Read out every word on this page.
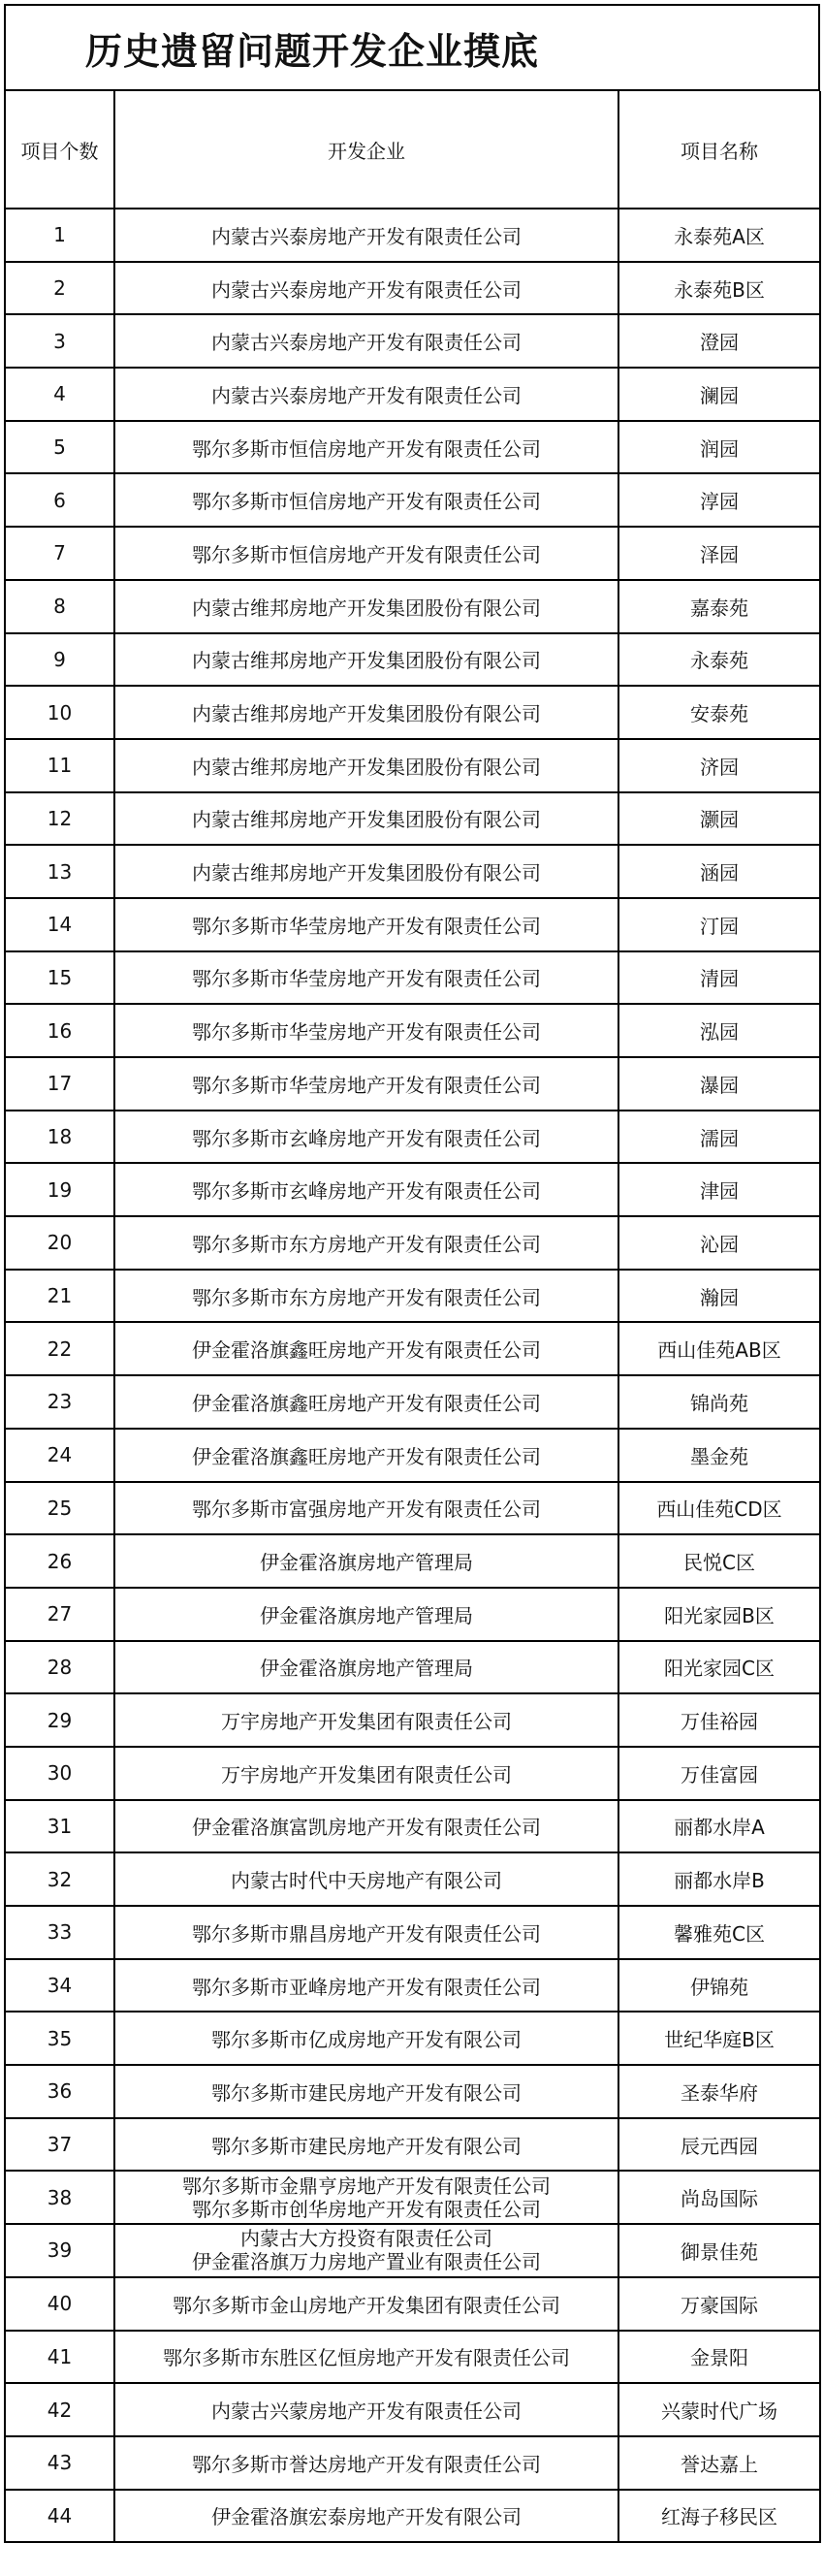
历史遗留问题开发企业摸底
项目个数	开发企业	项目名称
1	内蒙古兴泰房地产开发有限责任公司	永泰苑A区
2	内蒙古兴泰房地产开发有限责任公司	永泰苑B区
3	内蒙古兴泰房地产开发有限责任公司	澄园
4	内蒙古兴泰房地产开发有限责任公司	澜园
5	鄂尔多斯市恒信房地产开发有限责任公司	润园
6	鄂尔多斯市恒信房地产开发有限责任公司	淳园
7	鄂尔多斯市恒信房地产开发有限责任公司	泽园
8	内蒙古维邦房地产开发集团股份有限公司	嘉泰苑
9	内蒙古维邦房地产开发集团股份有限公司	永泰苑
10	内蒙古维邦房地产开发集团股份有限公司	安泰苑
11	内蒙古维邦房地产开发集团股份有限公司	济园
12	内蒙古维邦房地产开发集团股份有限公司	灏园
13	内蒙古维邦房地产开发集团股份有限公司	涵园
14	鄂尔多斯市华莹房地产开发有限责任公司	汀园
15	鄂尔多斯市华莹房地产开发有限责任公司	清园
16	鄂尔多斯市华莹房地产开发有限责任公司	泓园
17	鄂尔多斯市华莹房地产开发有限责任公司	瀑园
18	鄂尔多斯市玄峰房地产开发有限责任公司	濡园
19	鄂尔多斯市玄峰房地产开发有限责任公司	津园
20	鄂尔多斯市东方房地产开发有限责任公司	沁园
21	鄂尔多斯市东方房地产开发有限责任公司	瀚园
22	伊金霍洛旗鑫旺房地产开发有限责任公司	西山佳苑AB区
23	伊金霍洛旗鑫旺房地产开发有限责任公司	锦尚苑
24	伊金霍洛旗鑫旺房地产开发有限责任公司	墨金苑
25	鄂尔多斯市富强房地产开发有限责任公司	西山佳苑CD区
26	伊金霍洛旗房地产管理局	民悦C区
27	伊金霍洛旗房地产管理局	阳光家园B区
28	伊金霍洛旗房地产管理局	阳光家园C区
29	万宇房地产开发集团有限责任公司	万佳裕园
30	万宇房地产开发集团有限责任公司	万佳富园
31	伊金霍洛旗富凯房地产开发有限责任公司	丽都水岸A
32	内蒙古时代中天房地产有限公司	丽都水岸B
33	鄂尔多斯市鼎昌房地产开发有限责任公司	馨雅苑C区
34	鄂尔多斯市亚峰房地产开发有限责任公司	伊锦苑
35	鄂尔多斯市亿成房地产开发有限公司	世纪华庭B区
36	鄂尔多斯市建民房地产开发有限公司	圣泰华府
37	鄂尔多斯市建民房地产开发有限公司	辰元西园
38	鄂尔多斯市金鼎亨房地产开发有限责任公司
鄂尔多斯市创华房地产开发有限责任公司	尚岛国际
39	内蒙古大方投资有限责任公司
伊金霍洛旗万力房地产置业有限责任公司	御景佳苑
40	鄂尔多斯市金山房地产开发集团有限责任公司	万豪国际
41	鄂尔多斯市东胜区亿恒房地产开发有限责任公司	金景阳
42	内蒙古兴蒙房地产开发有限责任公司	兴蒙时代广场
43	鄂尔多斯市誉达房地产开发有限责任公司	誉达嘉上
44	伊金霍洛旗宏泰房地产开发有限公司	红海子移民区
